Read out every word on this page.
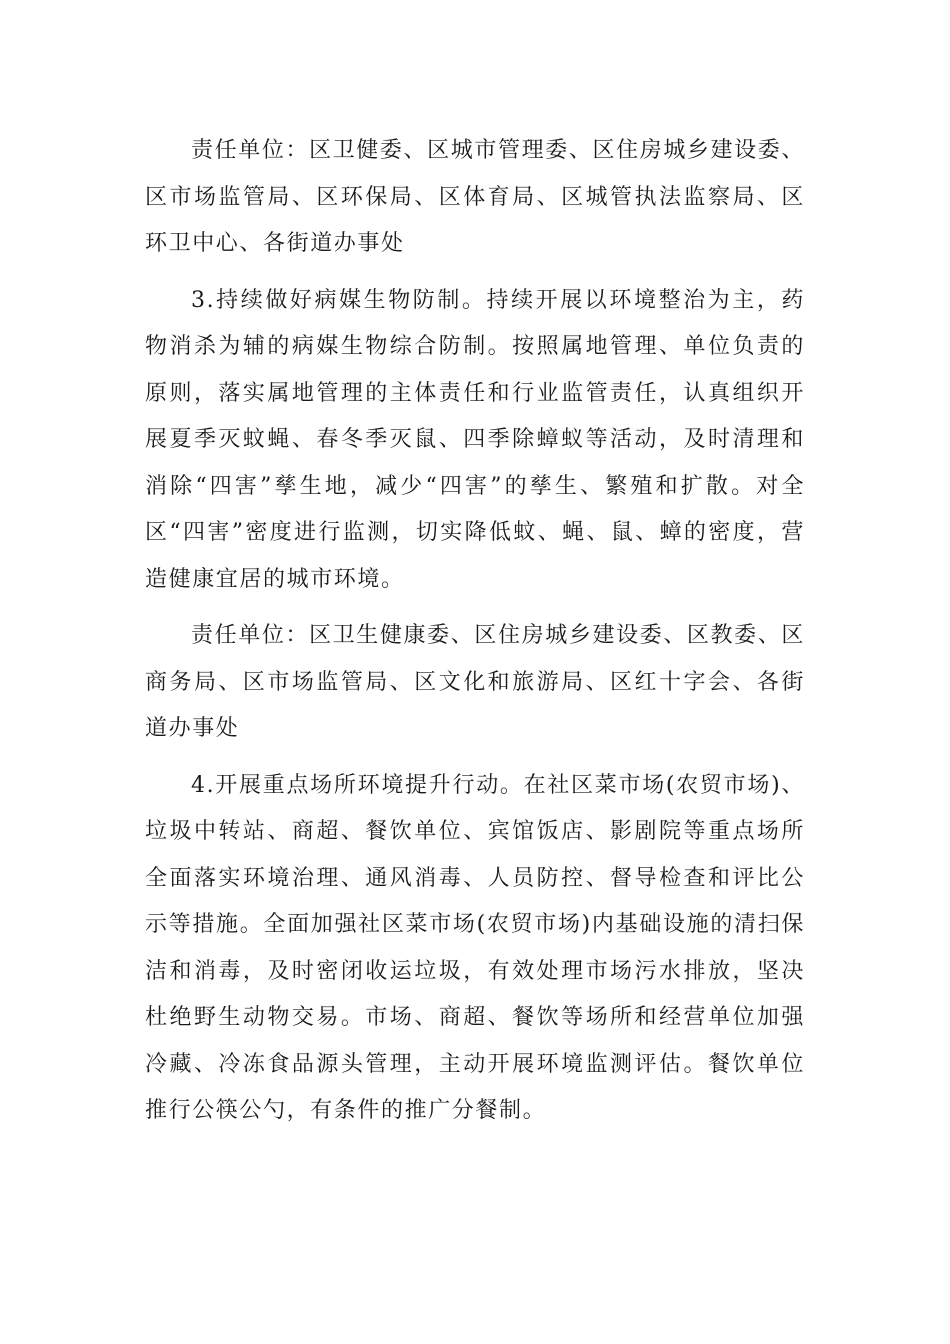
责任单位：区卫健委、区城市管理委、区住房城乡建设委、区市场监管局、区环保局、区体育局、区城管执法监察局、区环卫中心、各街道办事处

3.持续做好病媒生物防制。持续开展以环境整治为主，药物消杀为辅的病媒生物综合防制。按照属地管理、单位负责的原则，落实属地管理的主体责任和行业监管责任，认真组织开展夏季灭蚊蝇、春冬季灭鼠、四季除蟑蚁等活动，及时清理和消除“四害”孳生地，减少“四害”的孳生、繁殖和扩散。对全区“四害”密度进行监测，切实降低蚊、蝇、鼠、蟑的密度，营造健康宜居的城市环境。

责任单位：区卫生健康委、区住房城乡建设委、区教委、区商务局、区市场监管局、区文化和旅游局、区红十字会、各街道办事处

4.开展重点场所环境提升行动。在社区菜市场(农贸市场)、垃圾中转站、商超、餐饮单位、宾馆饭店、影剧院等重点场所全面落实环境治理、通风消毒、人员防控、督导检查和评比公示等措施。全面加强社区菜市场(农贸市场)内基础设施的清扫保洁和消毒，及时密闭收运垃圾，有效处理市场污水排放，坚决杜绝野生动物交易。市场、商超、餐饮等场所和经营单位加强冷藏、冷冻食品源头管理，主动开展环境监测评估。餐饮单位推行公筷公勺，有条件的推广分餐制。
